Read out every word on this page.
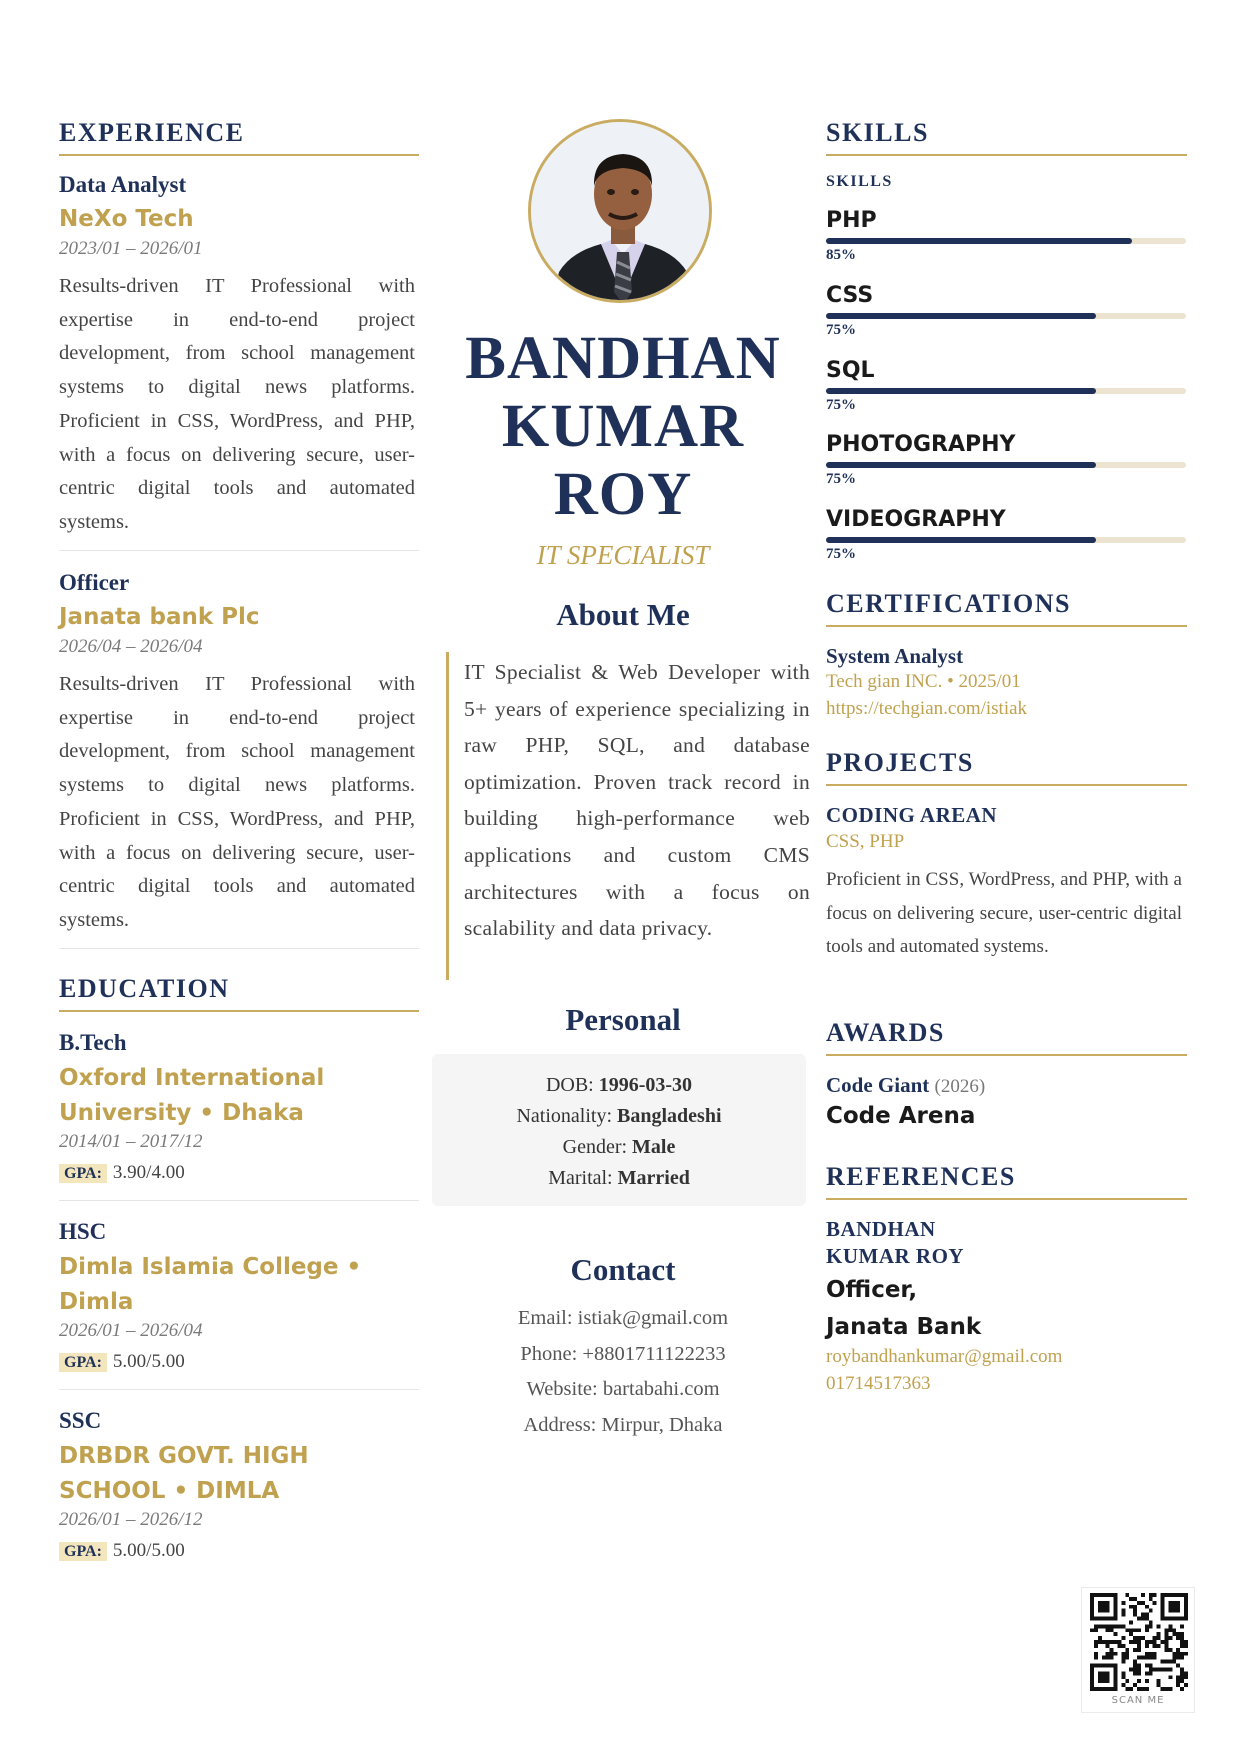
EXPERIENCE
Data Analyst
NeXo Tech
2023/01 – 2026/01
Results-driven IT Professional with expertise in end-to-end project development, from school management systems to digital news platforms. Proficient in CSS, WordPress, and PHP, with a focus on delivering secure, user-centric digital tools and automated systems.
Officer
Janata bank Plc
2026/04 – 2026/04
Results-driven IT Professional with expertise in end-to-end project development, from school management systems to digital news platforms. Proficient in CSS, WordPress, and PHP, with a focus on delivering secure, user-centric digital tools and automated systems.
EDUCATION
B.Tech
Oxford International
University • Dhaka
2014/01 – 2017/12
GPA: 3.90/4.00
HSC
Dimla Islamia College •
Dimla
2026/01 – 2026/04
GPA: 5.00/5.00
SSC
DRBDR GOVT. HIGH
SCHOOL • DIMLA
2026/01 – 2026/12
GPA: 5.00/5.00
BANDHAN
KUMAR
ROY
IT SPECIALIST
About Me
IT Specialist & Web Developer with 5+ years of experience specializing in raw PHP, SQL, and database optimization. Proven track record in building high-performance web applications and custom CMS architectures with a focus on scalability and data privacy.
Personal
DOB: 1996-03-30
Nationality: Bangladeshi
Gender: Male
Marital: Married
Contact
Email: istiak@gmail.com
Phone: +8801711122233
Website: bartabahi.com
Address: Mirpur, Dhaka
SKILLS
SKILLS
PHP
85%
CSS
75%
SQL
75%
PHOTOGRAPHY
75%
VIDEOGRAPHY
75%
CERTIFICATIONS
System Analyst
Tech gian INC. • 2025/01
https://techgian.com/istiak
PROJECTS
CODING AREAN
CSS, PHP
Proficient in CSS, WordPress, and PHP, with a focus on delivering secure, user-centric digital tools and automated systems.
AWARDS
Code Giant (2026)
Code Arena
REFERENCES
BANDHAN
KUMAR ROY
Officer,
Janata Bank
roybandhankumar@gmail.com
01714517363
SCAN ME
